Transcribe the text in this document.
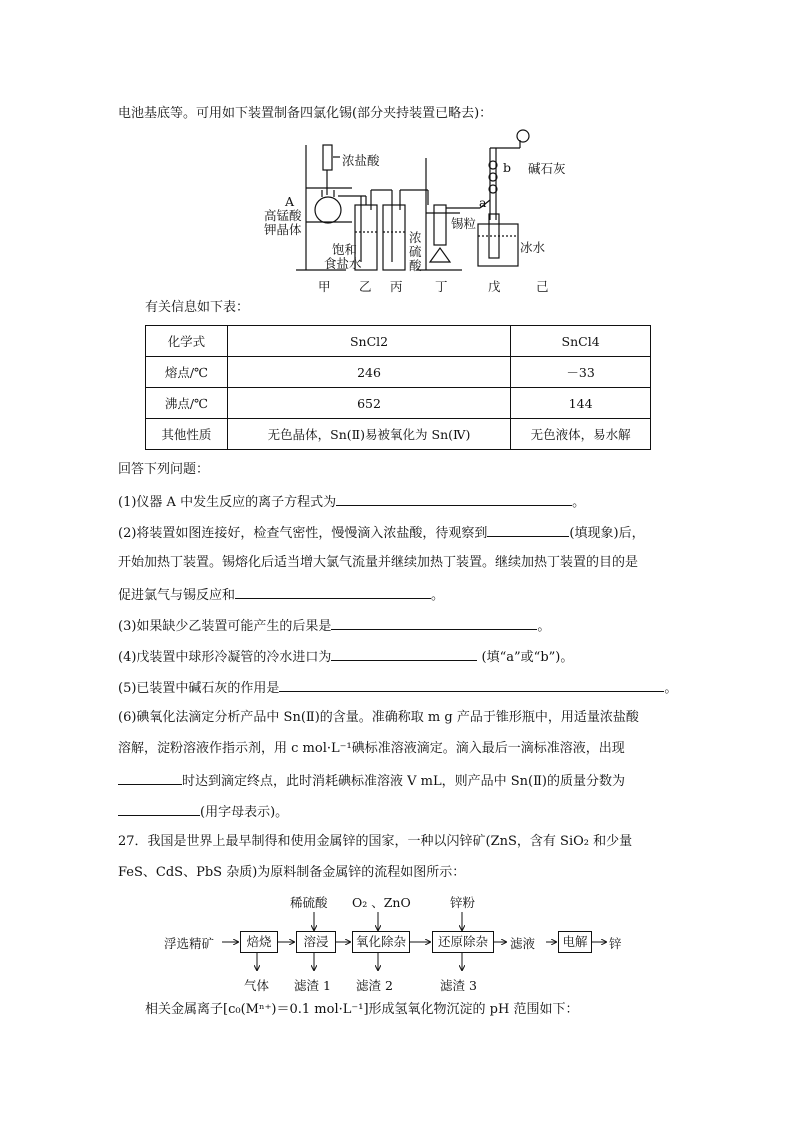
电池基底等。可用如下装置制备四氯化锡(部分夹持装置已略去)：
浓盐酸
A
高锰酸
钾晶体
饱和
食盐水
浓
硫
酸
锡粒
a
b 碱石灰
冰水
甲 乙 丙	丁	戊	己
有关信息如下表：
化学式	SnCl2	SnCl4
熔点/℃	246	－33
沸点/℃	652	144
其他性质	无色晶体，Sn(Ⅱ)易被氧化为 Sn(Ⅳ)	无色液体，易水解
回答下列问题：
(1)仪器 A 中发生反应的离子方程式为	。
(2)将装置如图连接好，检查气密性，慢慢滴入浓盐酸，待观察到	(填现象)后，
开始加热丁装置。锡熔化后适当增大氯气流量并继续加热丁装置。继续加热丁装置的目的是
促进氯气与锡反应和	。
(3)如果缺少乙装置可能产生的后果是	。
(4)戊装置中球形冷凝管的冷水进口为	(填“a”或“b”)。
(5)已装置中碱石灰的作用是	。
(6)碘氧化法滴定分析产品中 Sn(Ⅱ)的含量。准确称取 m g 产品于锥形瓶中，用适量浓盐酸
溶解，淀粉溶液作指示剂，用 c mol·L⁻¹碘标准溶液滴定。滴入最后一滴标准溶液，出现
时达到滴定终点，此时消耗碘标准溶液 V mL，则产品中 Sn(Ⅱ)的质量分数为
(用字母表示)。
27．我国是世界上最早制得和使用金属锌的国家，一种以闪锌矿(ZnS，含有 SiO₂ 和少量
FeS、CdS、PbS 杂质)为原料制备金属锌的流程如图所示：
浮选精矿	焙烧	溶浸	氧化除杂	还原除杂	滤液	电解	锌
稀硫酸 O₂ 、ZnO	锌粉
气体 滤渣 1 滤渣 2	滤渣 3
相关金属离子[c₀(Mⁿ⁺)＝0.1 mol·L⁻¹]形成氢氧化物沉淀的 pH 范围如下：
